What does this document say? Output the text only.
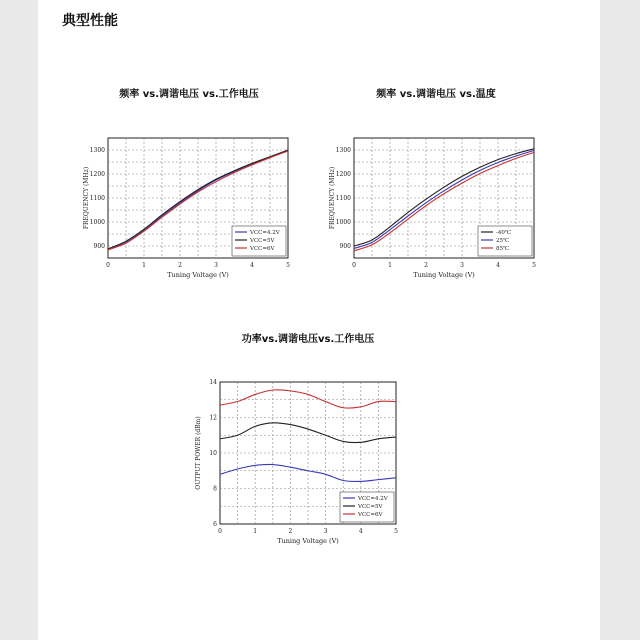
典型性能
频率 vs.调谐电压 vs.工作电压	频率 vs.调谐电压 vs.温度
功率vs.调谐电压vs.工作电压
0	1	2	3	4	5
900
1000
1100
1200
1300
Tuning Voltage (V)
FREQUENCY (MHz)
VCC=4.2V
VCC=5V
VCC=6V
0	1	2	3	4	5
900
1000
1100
1200
1300
Tuning Voltage (V)
FREQUENCY (MHz)
-40℃
25℃
85℃
0	1	2	3	4	5
6
8
10
12
14
Tuning Voltage (V)
OUTPUT POWER (dBm)
VCC=4.2V
VCC=5V
VCC=6V
